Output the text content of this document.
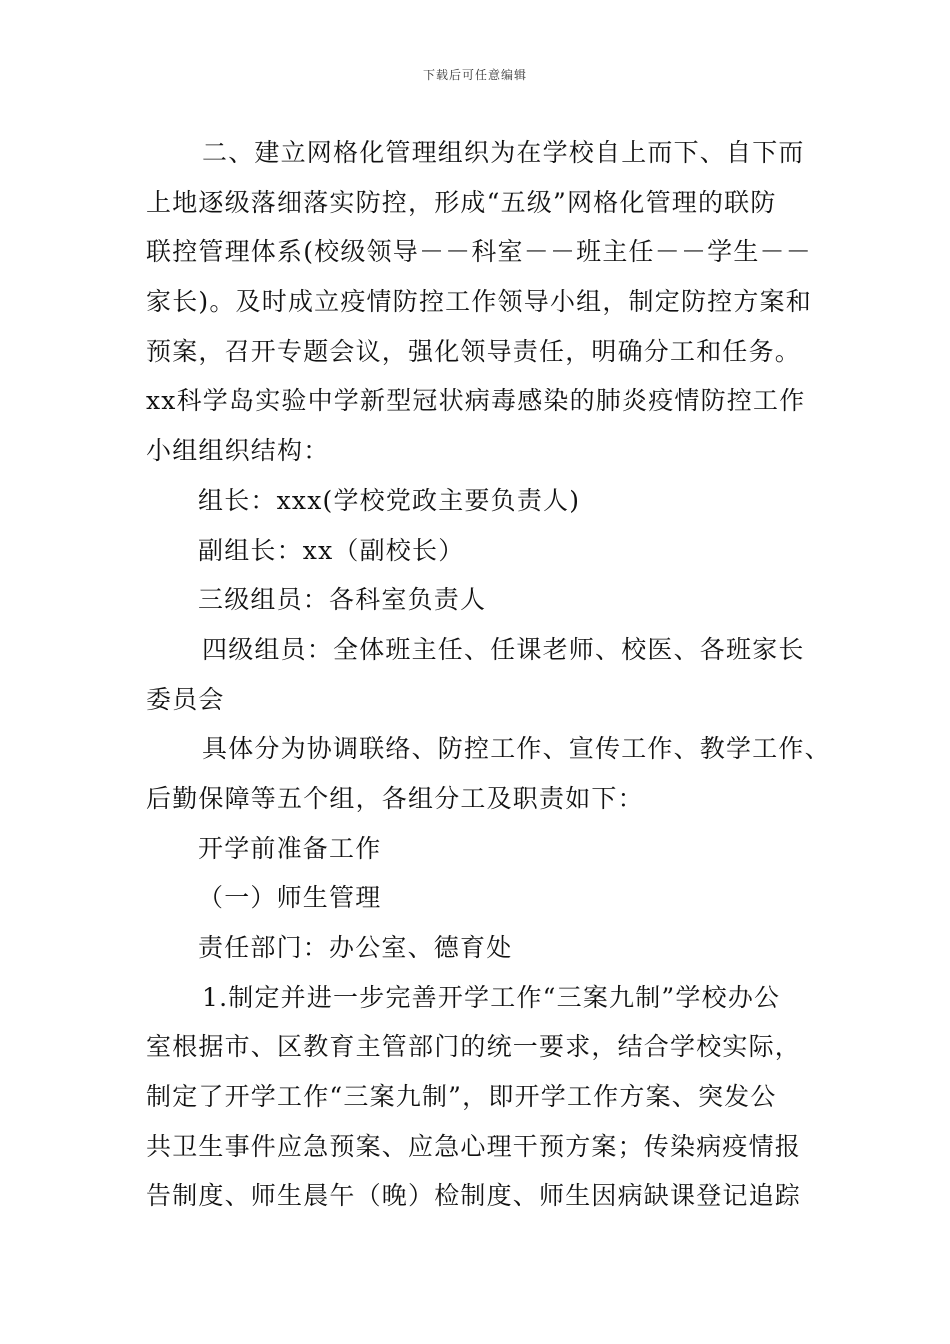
下载后可任意编辑
二、建立网格化管理组织为在学校自上而下、自下而
上地逐级落细落实防控，形成“五级”网格化管理的联防
联控管理体系(校级领导－－科室－－班主任－－学生－－
家长)。及时成立疫情防控工作领导小组，制定防控方案和
预案，召开专题会议，强化领导责任，明确分工和任务。
xx科学岛实验中学新型冠状病毒感染的肺炎疫情防控工作
小组组织结构：
组长：xxx(学校党政主要负责人)
副组长：xx（副校长）
三级组员：各科室负责人
四级组员：全体班主任、任课老师、校医、各班家长
委员会
具体分为协调联络、防控工作、宣传工作、教学工作、
后勤保障等五个组，各组分工及职责如下：
开学前准备工作
（一）师生管理
责任部门：办公室、德育处
1.制定并进一步完善开学工作“三案九制”学校办公
室根据市、区教育主管部门的统一要求，结合学校实际，
制定了开学工作“三案九制”，即开学工作方案、突发公
共卫生事件应急预案、应急心理干预方案；传染病疫情报
告制度、师生晨午（晚）检制度、师生因病缺课登记追踪
